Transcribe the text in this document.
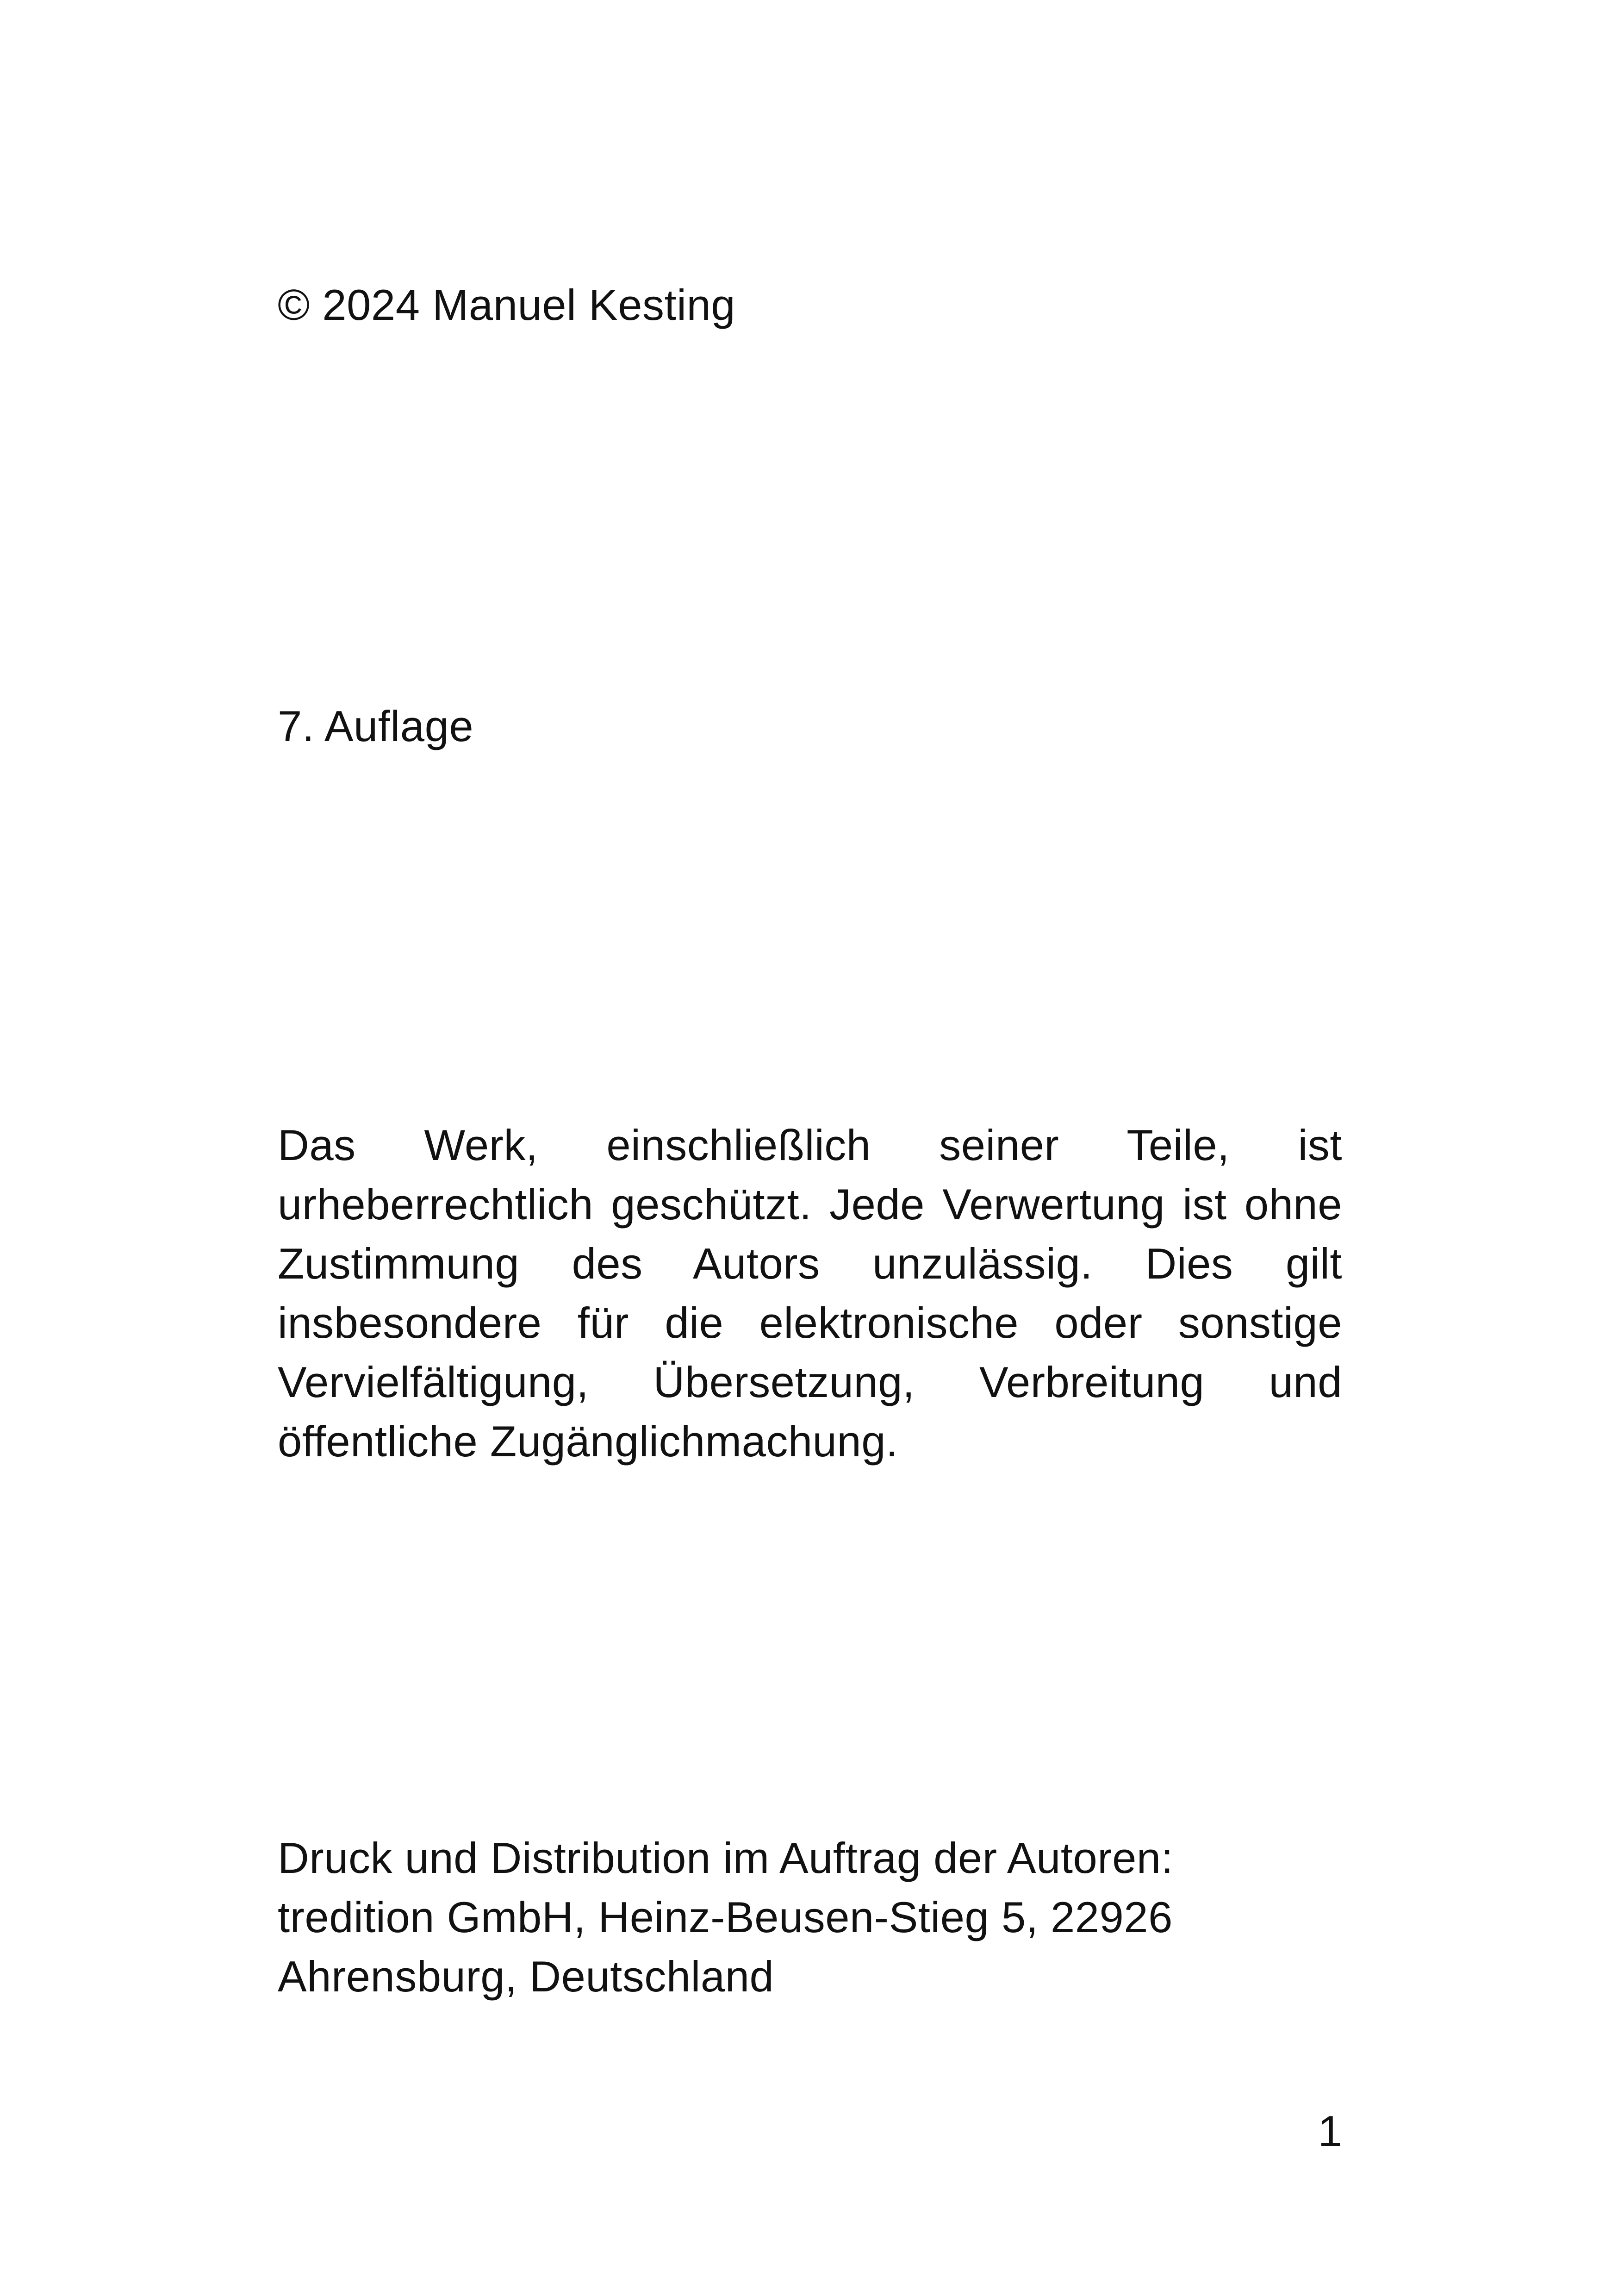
© 2024 Manuel Kesting
7. Auflage
Das Werk, einschließlich seiner Teile, ist urheberrechtlich geschützt. Jede Verwertung ist ohne Zustimmung des Autors unzulässig. Dies gilt insbesondere für die elektronische oder sonstige Vervielfältigung, Übersetzung, Verbreitung und öffentliche Zugänglichmachung.
Druck und Distribution im Auftrag der Autoren:
tredition GmbH, Heinz-Beusen-Stieg 5, 22926
Ahrensburg, Deutschland
1
